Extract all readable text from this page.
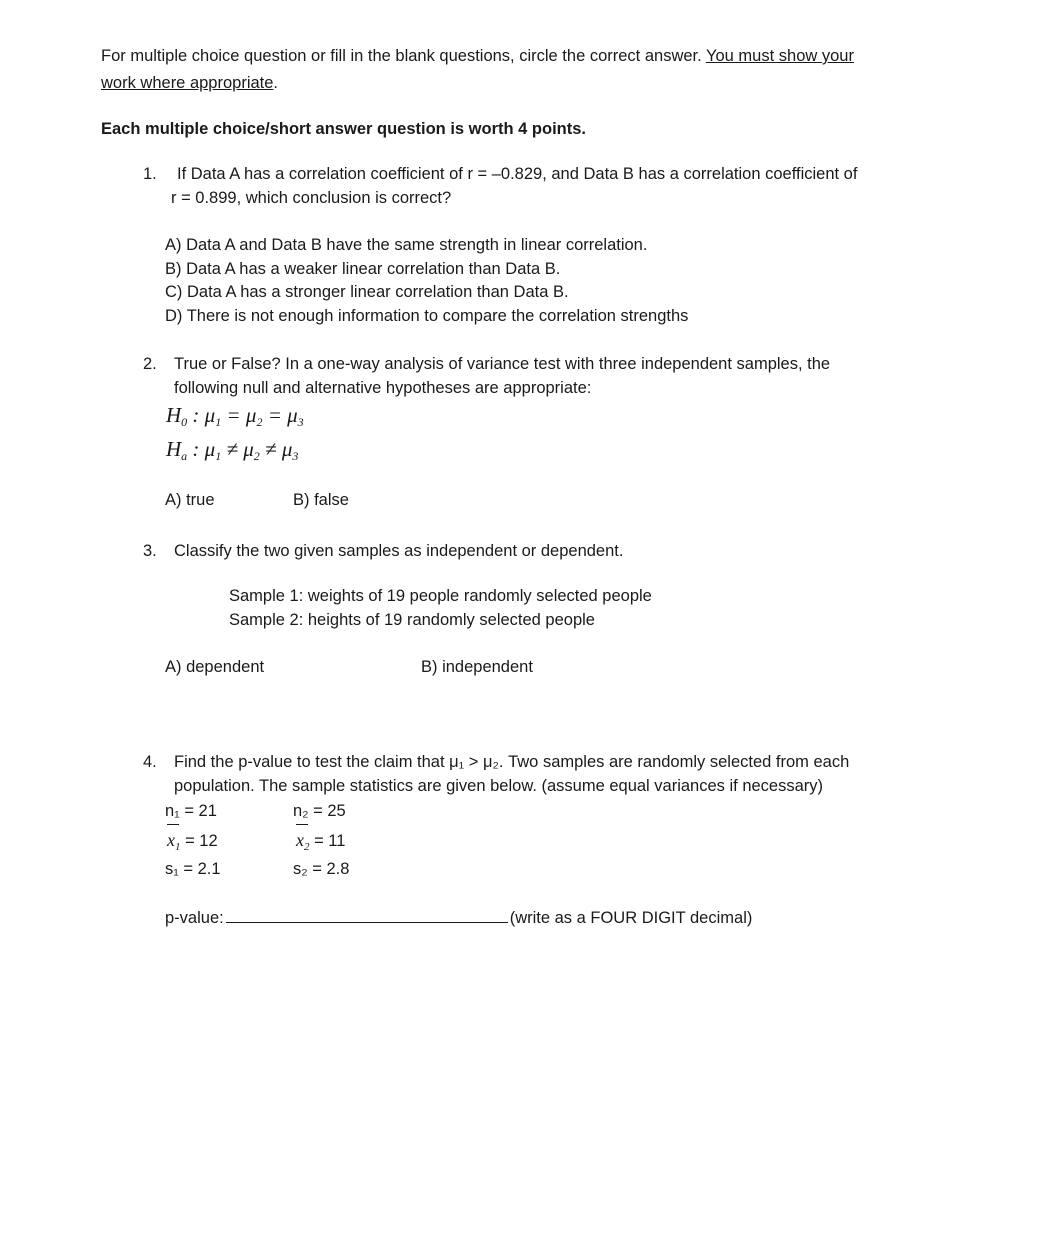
For multiple choice question or fill in the blank questions, circle the correct answer. You must show your
work where appropriate.
Each multiple choice/short answer question is worth 4 points.
1. If Data A has a correlation coefficient of r = –0.829, and Data B has a correlation coefficient of
r = 0.899, which conclusion is correct?
A) Data A and Data B have the same strength in linear correlation.
B) Data A has a weaker linear correlation than Data B.
C) Data A has a stronger linear correlation than Data B.
D) There is not enough information to compare the correlation strengths
2. True or False? In a one-way analysis of variance test with three independent samples, the
following null and alternative hypotheses are appropriate:
$H_0$ : $\mu_1 = \mu_2 = \mu_3$
$H_a$ : $\mu_1 \ne \mu_2 \ne \mu_3$
A) true	B) false
3. Classify the two given samples as independent or dependent.
Sample 1: weights of 19 people randomly selected people
Sample 2: heights of 19 randomly selected people
A) dependent	B) independent
4. Find the p-value to test the claim that μ₁ > μ₂. Two samples are randomly selected from each
population. The sample statistics are given below. (assume equal variances if necessary)
n₁ = 21	n₂ = 25
$x_1 = 12$	$x_2 = 11$
s₁ = 2.1	s₂ = 2.8
p-value:	(write as a FOUR DIGIT decimal)
